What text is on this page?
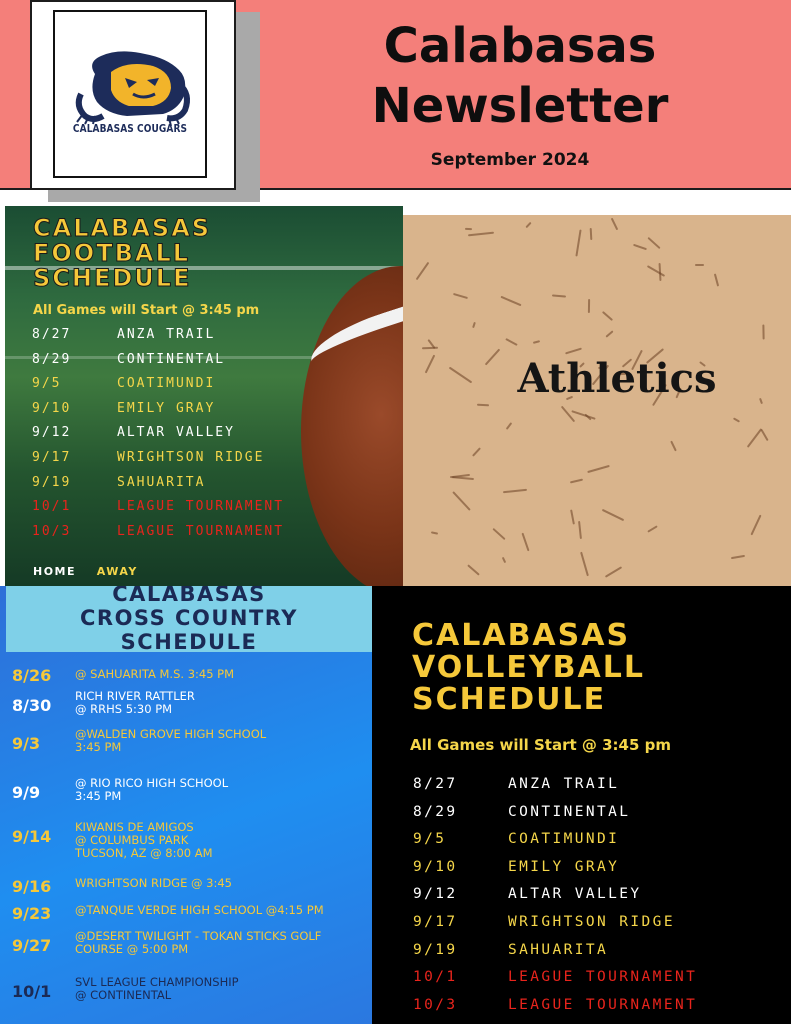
CALABASAS COUGARS
Calabasas
Newsletter
September 2024
CALABASAS
FOOTBALL
SCHEDULE
All Games will Start @ 3:45 pm
8/27	ANZA TRAIL
8/29	CONTINENTAL
9/5	COATIMUNDI
9/10	EMILY GRAY
9/12	ALTAR VALLEY
9/17	WRIGHTSON RIDGE
9/19	SAHUARITA
10/1	LEAGUE TOURNAMENT
10/3	LEAGUE TOURNAMENT
HOME AWAY
Athletics
CALABASAS
CROSS COUNTRY
SCHEDULE
8/26 @ SAHUARITA M.S. 3:45 PM
8/30 RICH RIVER RATTLER
@ RRHS 5:30 PM
9/3	@WALDEN GROVE HIGH SCHOOL
3:45 PM
9/9	@ RIO RICO HIGH SCHOOL
3:45 PM
9/14 KIWANIS DE AMIGOS
@ COLUMBUS PARK
TUCSON, AZ @ 8:00 AM
9/16 WRIGHTSON RIDGE @ 3:45
9/23 @TANQUE VERDE HIGH SCHOOL @4:15 PM
9/27 @DESERT TWILIGHT - TOKAN STICKS GOLF
COURSE @ 5:00 PM
10/1 SVL LEAGUE CHAMPIONSHIP
@ CONTINENTAL
CALABASAS
VOLLEYBALL
SCHEDULE
All Games will Start @ 3:45 pm
8/27	ANZA TRAIL
8/29	CONTINENTAL
9/5	COATIMUNDI
9/10	EMILY GRAY
9/12	ALTAR VALLEY
9/17	WRIGHTSON RIDGE
9/19	SAHUARITA
10/1	LEAGUE TOURNAMENT
10/3	LEAGUE TOURNAMENT
